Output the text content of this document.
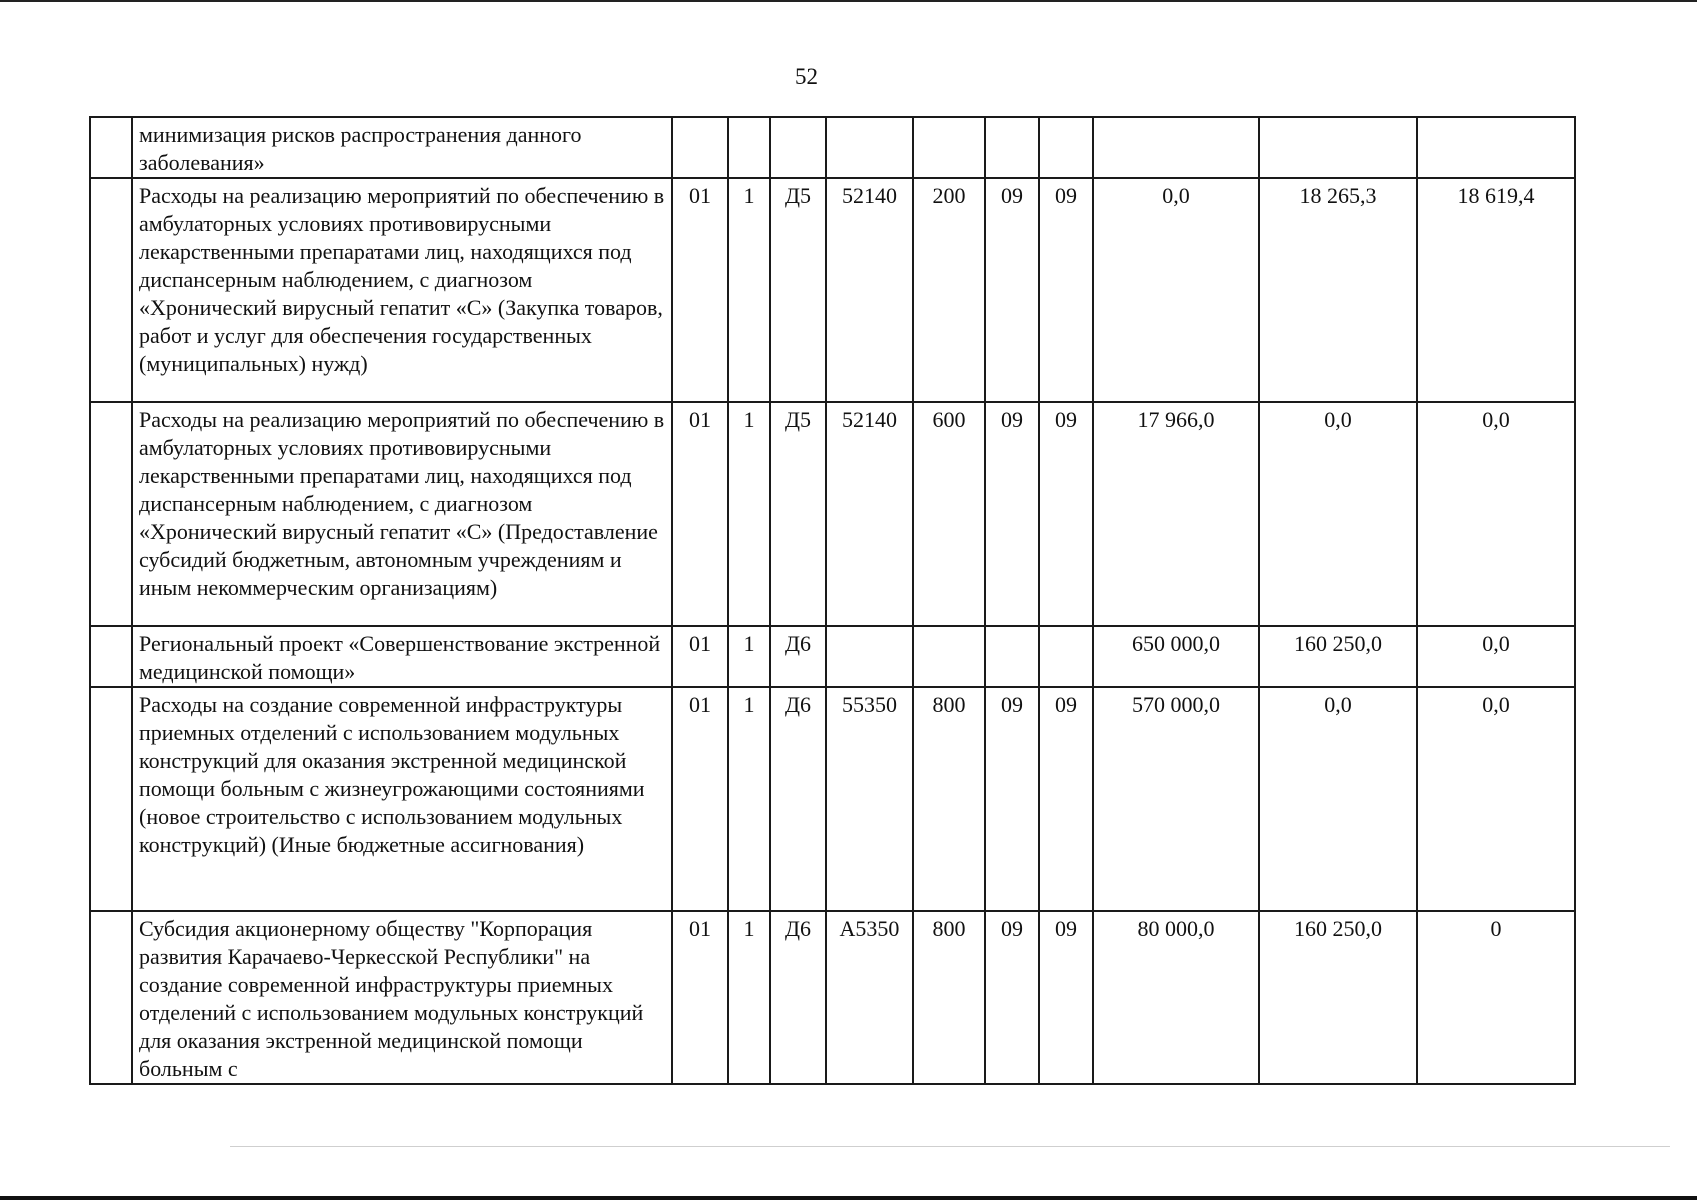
52
	минимизация рисков распространения данного заболевания»										
	Расходы на реализацию мероприятий по обеспечению в амбулаторных условиях противовирусными лекарственными препаратами лиц, находящихся под диспансерным наблюдением, с диагнозом «Хронический вирусный гепатит «С» (Закупка товаров, работ и услуг для обеспечения государственных (муниципальных) нужд)	01	1	Д5	52140	200	09	09	0,0	18 265,3	18 619,4
	Расходы на реализацию мероприятий по обеспечению в амбулаторных условиях противовирусными лекарственными препаратами лиц, находящихся под диспансерным наблюдением, с диагнозом «Хронический вирусный гепатит «С» (Предоставление субсидий бюджетным, автономным учреждениям и иным некоммерческим организациям)	01	1	Д5	52140	600	09	09	17 966,0	0,0	0,0
	Региональный проект «Совершенствование экстренной медицинской помощи»	01	1	Д6					650 000,0	160 250,0	0,0
	Расходы на создание современной инфраструктуры приемных отделений с использованием модульных конструкций для оказания экстренной медицинской помощи больным с жизнеугрожающими состояниями (новое строительство с использованием модульных конструкций) (Иные бюджетные ассигнования)	01	1	Д6	55350	800	09	09	570 000,0	0,0	0,0
	Субсидия акционерному обществу "Корпорация развития Карачаево-Черкесской Республики" на создание современной инфраструктуры приемных отделений с использованием модульных конструкций для оказания экстренной медицинской помощи больным с	01	1	Д6	А5350	800	09	09	80 000,0	160 250,0	0
